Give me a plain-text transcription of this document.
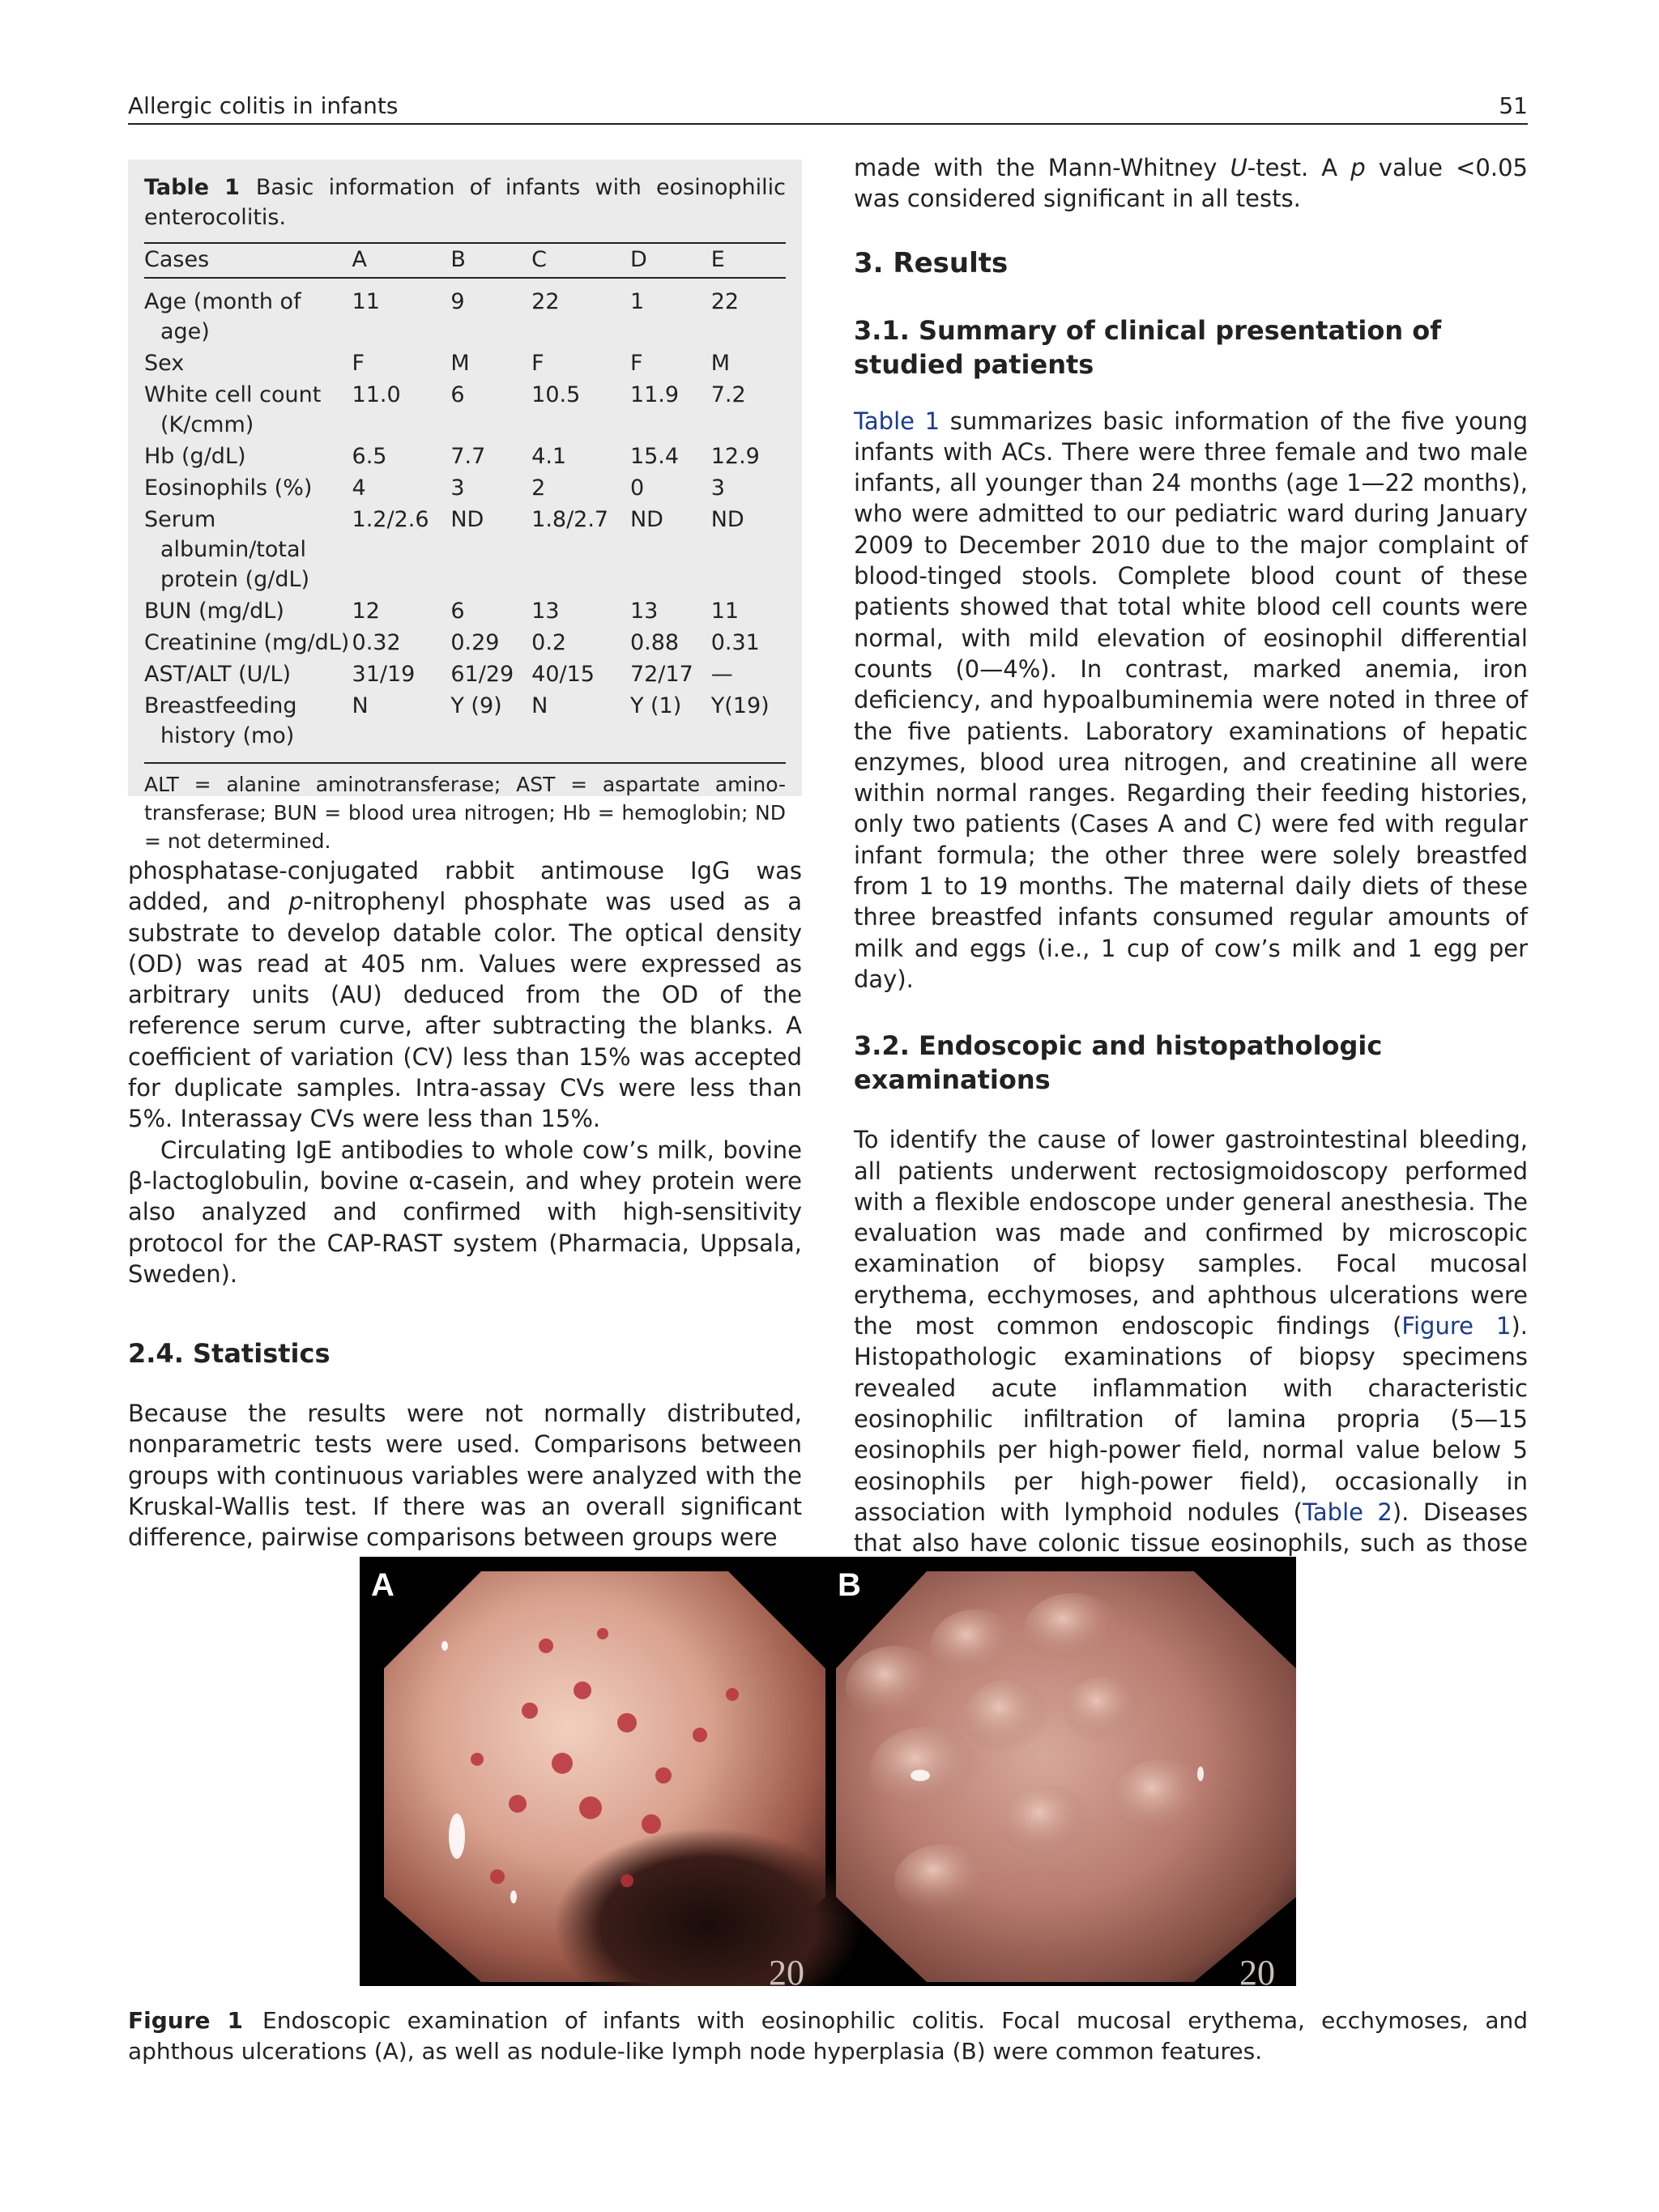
Allergic colitis in infants	51

Table 1 Basic information of infants with eosinophilic enterocolitis.

Cases	A	B	C	D	E

Age (month of age)	11	9	22	1	22

Sex	F	M	F	F	M

White cell count (K/cmm)	11.0	6	10.5	11.9	7.2

Hb (g/dL)	6.5	7.7	4.1	15.4	12.9

Eosinophils (%)	4	3	2	0	3

Serum albumin/total protein (g/dL)	1.2/2.6	ND	1.8/2.7	ND	ND

BUN (mg/dL)	12	6	13	13	11

Creatinine (mg/dL)	0.32	0.29	0.2	0.88	0.31

AST/ALT (U/L)	31/19	61/29	40/15	72/17	—

Breastfeeding history (mo)	N	Y (9)	N	Y (1)	Y(19)
ALT = alanine aminotransferase; AST = aspartate amino-transferase; BUN = blood urea nitrogen; Hb = hemoglobin; ND = not determined.

phosphatase-conjugated rabbit antimouse IgG was added, and p-nitrophenyl phosphate was used as a substrate to develop datable color. The optical density (OD) was read at 405 nm. Values were expressed as arbitrary units (AU) deduced from the OD of the reference serum curve, after subtracting the blanks. A coefficient of variation (CV) less than 15% was accepted for duplicate samples. Intra-assay CVs were less than 5%. Interassay CVs were less than 15%.

Circulating IgE antibodies to whole cow’s milk, bovine β-lactoglobulin, bovine α-casein, and whey protein were also analyzed and confirmed with high-sensitivity protocol for the CAP-RAST system (Pharmacia, Uppsala, Sweden).

2.4. Statistics

Because the results were not normally distributed, nonparametric tests were used. Comparisons between groups with continuous variables were analyzed with the Kruskal-Wallis test. If there was an overall significant difference, pairwise comparisons between groups were

made with the Mann-Whitney U-test. A p value <0.05 was considered significant in all tests.

3. Results
3.1. Summary of clinical presentation of studied patients

Table 1 summarizes basic information of the five young infants with ACs. There were three female and two male infants, all younger than 24 months (age 1—22 months), who were admitted to our pediatric ward during January 2009 to December 2010 due to the major complaint of blood-tinged stools. Complete blood count of these patients showed that total white blood cell counts were normal, with mild elevation of eosinophil differential counts (0—4%). In contrast, marked anemia, iron deficiency, and hypoalbuminemia were noted in three of the five patients. Laboratory examinations of hepatic enzymes, blood urea nitrogen, and creatinine all were within normal ranges. Regarding their feeding histories, only two patients (Cases A and C) were fed with regular infant formula; the other three were solely breastfed from 1 to 19 months. The maternal daily diets of these three breastfed infants consumed regular amounts of milk and eggs (i.e., 1 cup of cow’s milk and 1 egg per day).

3.2. Endoscopic and histopathologic examinations

To identify the cause of lower gastrointestinal bleeding, all patients underwent rectosigmoidoscopy performed with a flexible endoscope under general anesthesia. The evaluation was made and confirmed by microscopic examination of biopsy samples. Focal mucosal erythema, ecchymoses, and aphthous ulcerations were the most common endoscopic findings (Figure 1). Histopathologic examinations of biopsy specimens revealed acute inflammation with characteristic eosinophilic infiltration of lamina propria (5—15 eosinophils per high-power field, normal value below 5 eosinophils per high-power field), occasionally in association with lymphoid nodules (Table 2). Diseases that also have colonic tissue eosinophils, such as those

A	B
20	20
Figure 1 Endoscopic examination of infants with eosinophilic colitis. Focal mucosal erythema, ecchymoses, and aphthous ulcerations (A), as well as nodule-like lymph node hyperplasia (B) were common features.
